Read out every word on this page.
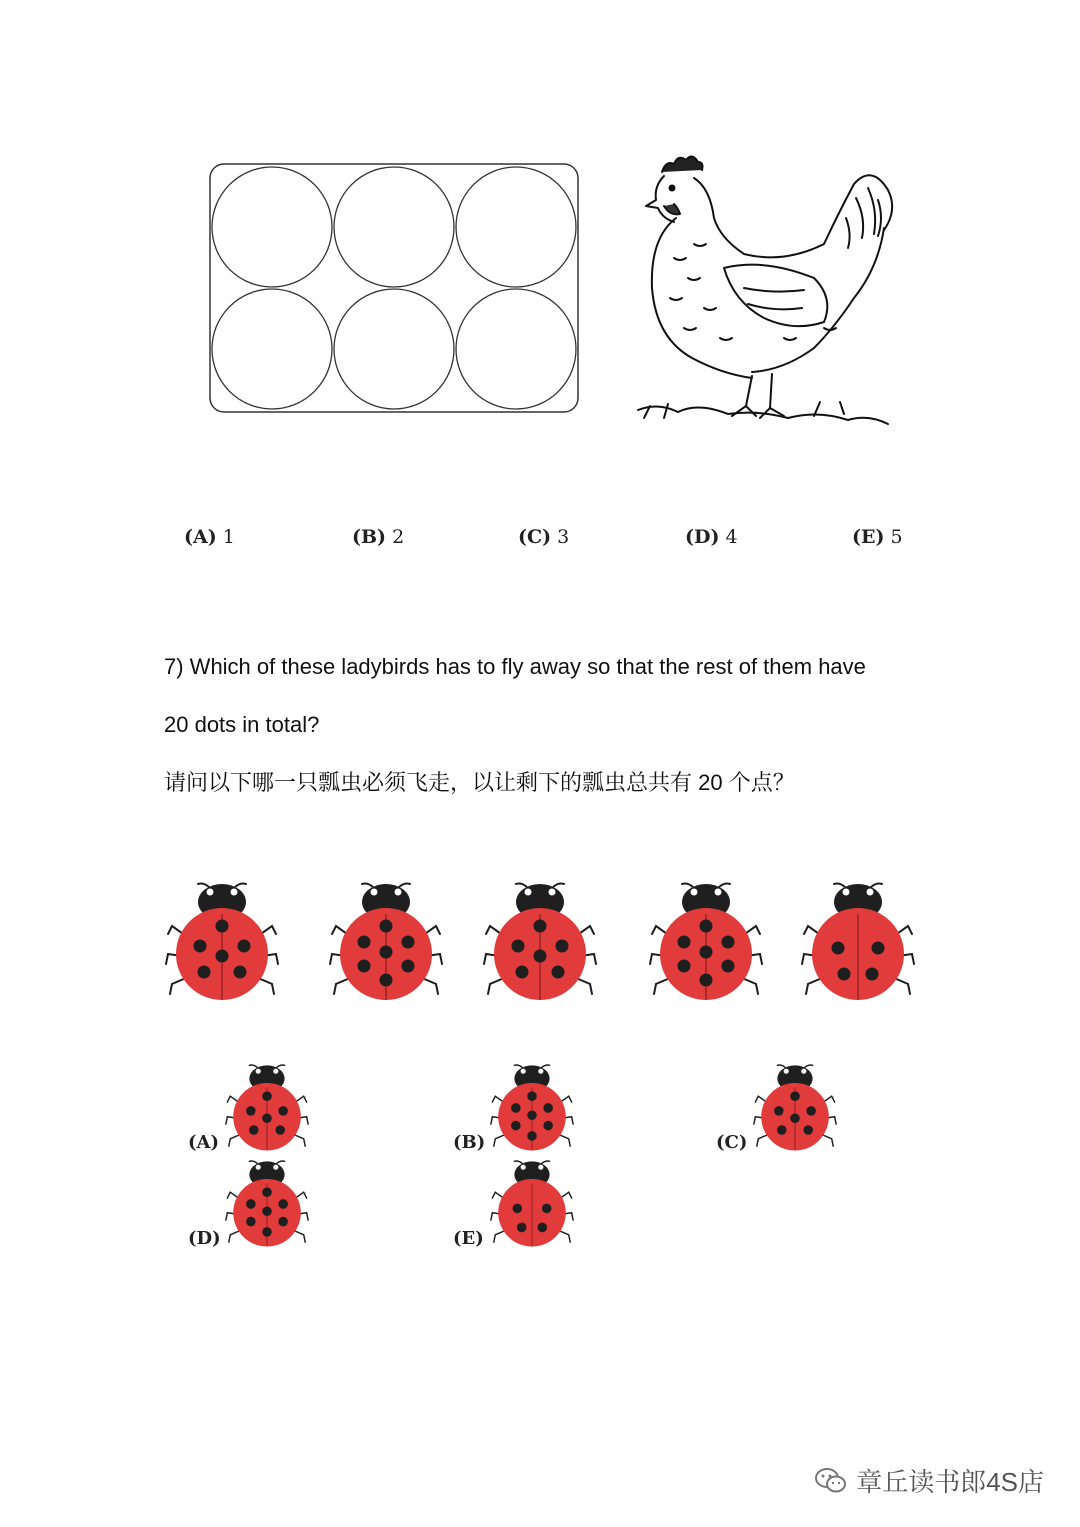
(A) 1	(B) 2	(C) 3	(D) 4	(E) 5
7) Which of these ladybirds has to fly away so that the rest of them have
20 dots in total?
请问以下哪一只瓢虫必须飞走，以让剩下的瓢虫总共有 20 个点？
(A)	(B)	(C)
(D)	(E)
章丘读书郎4S店
